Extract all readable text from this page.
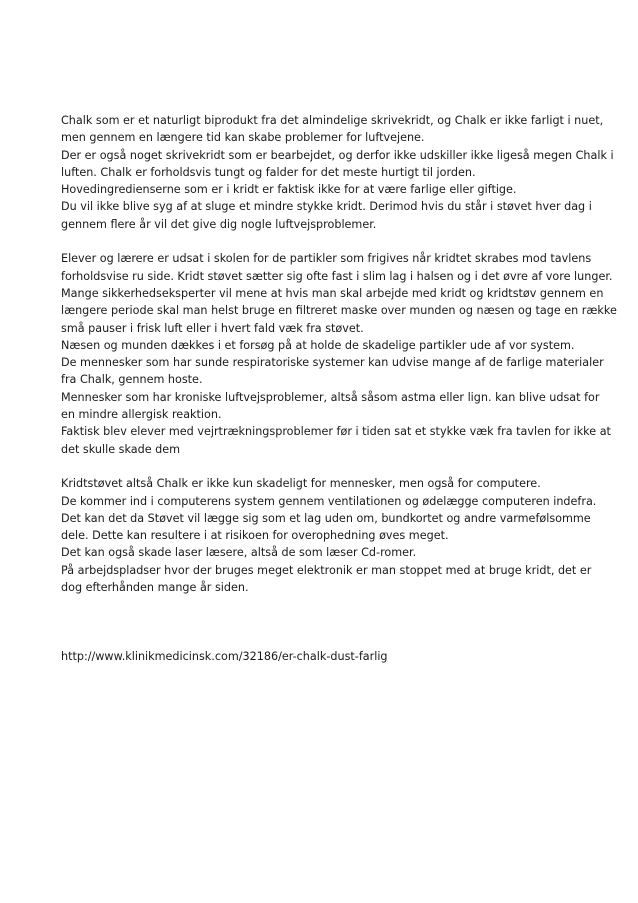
Chalk som er et naturligt biprodukt fra det almindelige skrivekridt, og Chalk er ikke farligt i nuet,
men gennem en længere tid kan skabe problemer for luftvejene.
Der er også noget skrivekridt som er bearbejdet, og derfor ikke udskiller ikke ligeså megen Chalk i
luften. Chalk er forholdsvis tungt og falder for det meste hurtigt til jorden.
Hovedingredienserne som er i kridt er faktisk ikke for at være farlige eller giftige.
Du vil ikke blive syg af at sluge et mindre stykke kridt. Derimod hvis du står i støvet hver dag i
gennem flere år vil det give dig nogle luftvejsproblemer.
Elever og lærere er udsat i skolen for de partikler som frigives når kridtet skrabes mod tavlens
forholdsvise ru side. Kridt støvet sætter sig ofte fast i slim lag i halsen og i det øvre af vore lunger.
Mange sikkerhedseksperter vil mene at hvis man skal arbejde med kridt og kridtstøv gennem en
længere periode skal man helst bruge en filtreret maske over munden og næsen og tage en række
små pauser i frisk luft eller i hvert fald væk fra støvet.
Næsen og munden dækkes i et forsøg på at holde de skadelige partikler ude af vor system.
De mennesker som har sunde respiratoriske systemer kan udvise mange af de farlige materialer
fra Chalk, gennem hoste.
Mennesker som har kroniske luftvejsproblemer, altså såsom astma eller lign. kan blive udsat for
en mindre allergisk reaktion.
Faktisk blev elever med vejrtrækningsproblemer før i tiden sat et stykke væk fra tavlen for ikke at
det skulle skade dem
Kridtstøvet altså Chalk er ikke kun skadeligt for mennesker, men også for computere.
De kommer ind i computerens system gennem ventilationen og ødelægge computeren indefra.
Det kan det da Støvet vil lægge sig som et lag uden om, bundkortet og andre varmefølsomme
dele. Dette kan resultere i at risikoen for overophedning øves meget.
Det kan også skade laser læsere, altså de som læser Cd-romer.
På arbejdspladser hvor der bruges meget elektronik er man stoppet med at bruge kridt, det er
dog efterhånden mange år siden.
http://www.klinikmedicinsk.com/32186/er-chalk-dust-farlig
